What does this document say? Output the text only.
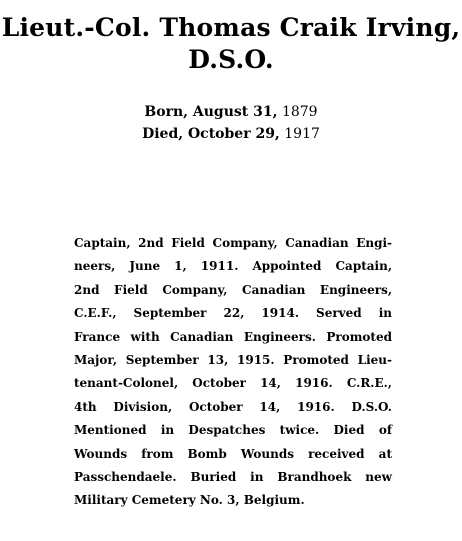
Lieut.-Col. Thomas Craik Irving,
D.S.O.
Born, August 31, 1879
Died, October 29, 1917

Captain, 2nd Field Company, Canadian Engi-
neers, June 1, 1911. Appointed Captain,
2nd Field Company, Canadian Engineers,
C.E.F., September 22, 1914. Served in
France with Canadian Engineers. Promoted
Major, September 13, 1915. Promoted Lieu-
tenant-Colonel, October 14, 1916. C.R.E.,
4th Division, October 14, 1916. D.S.O.
Mentioned in Despatches twice. Died of
Wounds from Bomb Wounds received at
Passchendaele. Buried in Brandhoek new
Military Cemetery No. 3, Belgium.
